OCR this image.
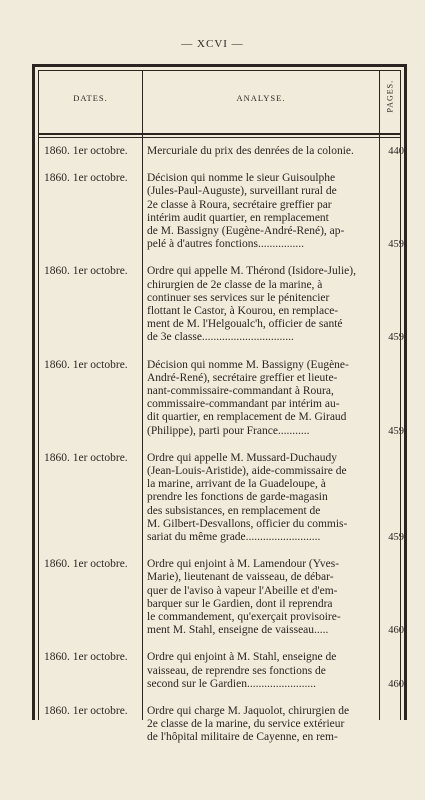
— XCVI —
DATES.	ANALYSE.	PAGES.
1860. 1er octobre.	Mercuriale du prix des denrées de la colonie.	440
1860. 1er octobre.	Décision qui nomme le sieur Guisoulphe
(Jules-Paul-Auguste), surveillant rural de
2e classe à Roura, secrétaire greffier par
intérim audit quartier, en remplacement
de M. Bassigny (Eugène-André-René), ap-
pelé à d'autres fonctions................	459
1860. 1er octobre.	Ordre qui appelle M. Thérond (Isidore-Julie),
chirurgien de 2e classe de la marine, à
continuer ses services sur le pénitencier
flottant le Castor, à Kourou, en remplace-
ment de M. l'Helgoualc'h, officier de santé
de 3e classe................................	459
1860. 1er octobre.	Décision qui nomme M. Bassigny (Eugène-
André-René), secrétaire greffier et lieute-
nant-commissaire-commandant à Roura,
commissaire-commandant par intérim au-
dit quartier, en remplacement de M. Giraud
(Philippe), parti pour France...........	459
1860. 1er octobre.	Ordre qui appelle M. Mussard-Duchaudy
(Jean-Louis-Aristide), aide-commissaire de
la marine, arrivant de la Guadeloupe, à
prendre les fonctions de garde-magasin
des subsistances, en remplacement de
M. Gilbert-Desvallons, officier du commis-
sariat du même grade..........................	459
1860. 1er octobre.	Ordre qui enjoint à M. Lamendour (Yves-
Marie), lieutenant de vaisseau, de débar-
quer de l'aviso à vapeur l'Abeille et d'em-
barquer sur le Gardien, dont il reprendra
le commandement, qu'exerçait provisoire-
ment M. Stahl, enseigne de vaisseau.....	460
1860. 1er octobre.	Ordre qui enjoint à M. Stahl, enseigne de
vaisseau, de reprendre ses fonctions de
second sur le Gardien........................	460
1860. 1er octobre.	Ordre qui charge M. Jaquolot, chirurgien de
2e classe de la marine, du service extérieur
de l'hôpital militaire de Cayenne, en rem-
